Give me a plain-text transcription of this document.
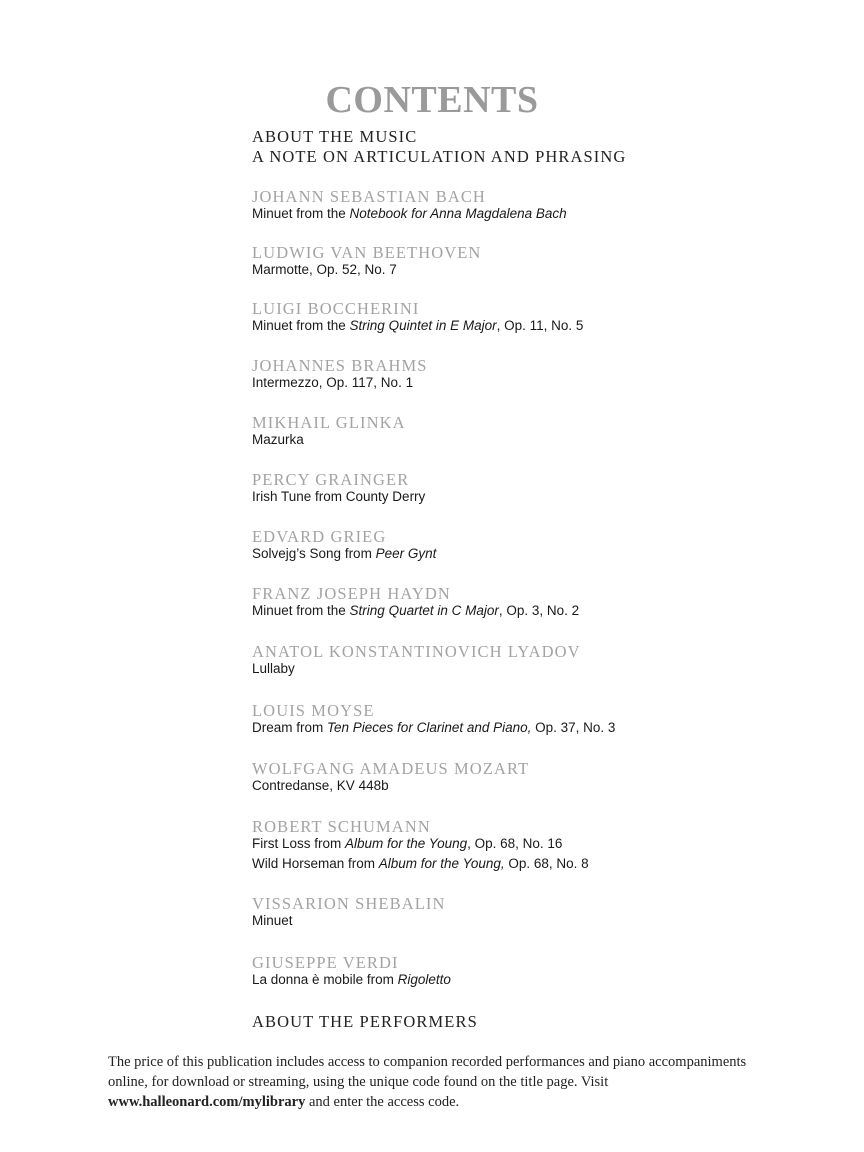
CONTENTS
ABOUT THE MUSIC
A NOTE ON ARTICULATION AND PHRASING
JOHANN SEBASTIAN BACH
Minuet from the Notebook for Anna Magdalena Bach
LUDWIG VAN BEETHOVEN
Marmotte, Op. 52, No. 7
LUIGI BOCCHERINI
Minuet from the String Quintet in E Major, Op. 11, No. 5
JOHANNES BRAHMS
Intermezzo, Op. 117, No. 1
MIKHAIL GLINKA
Mazurka
PERCY GRAINGER
Irish Tune from County Derry
EDVARD GRIEG
Solvejg’s Song from Peer Gynt
FRANZ JOSEPH HAYDN
Minuet from the String Quartet in C Major, Op. 3, No. 2
ANATOL KONSTANTINOVICH LYADOV
Lullaby
LOUIS MOYSE
Dream from Ten Pieces for Clarinet and Piano, Op. 37, No. 3
WOLFGANG AMADEUS MOZART
Contredanse, KV 448b
ROBERT SCHUMANN
First Loss from Album for the Young, Op. 68, No. 16
Wild Horseman from Album for the Young, Op. 68, No. 8
VISSARION SHEBALIN
Minuet
GIUSEPPE VERDI
La donna è mobile from Rigoletto
ABOUT THE PERFORMERS
The price of this publication includes access to companion recorded performances and piano accompaniments online, for download or streaming, using the unique code found on the title page. Visit www.halleonard.com/mylibrary and enter the access code.
